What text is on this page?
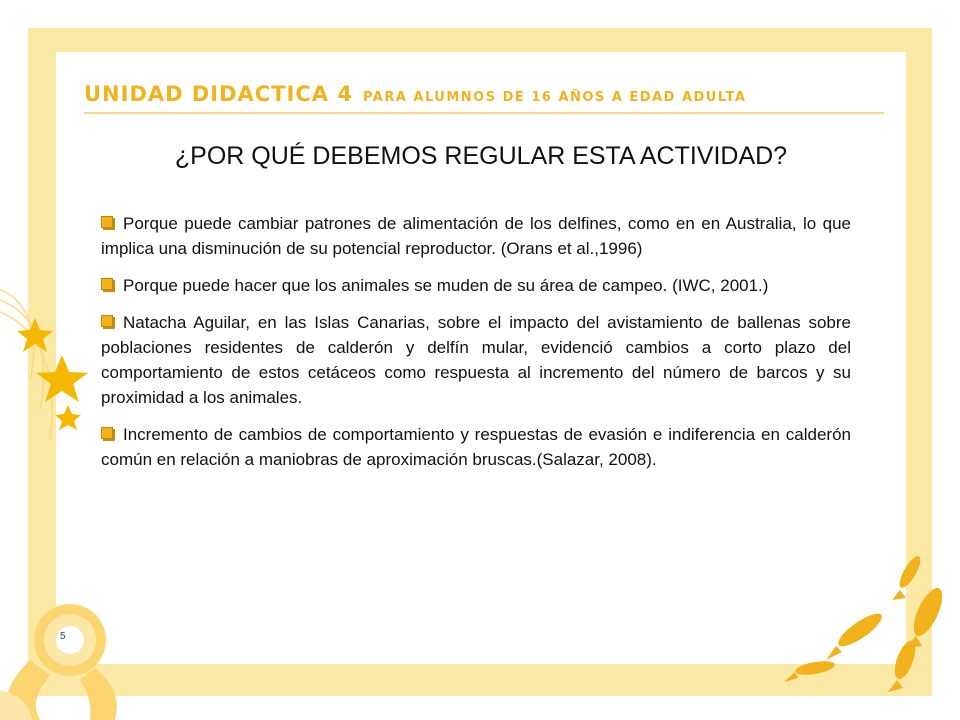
UNIDAD DIDACTICA 4 PARA ALUMNOS DE 16 AÑOS A EDAD ADULTA
¿POR QUÉ DEBEMOS REGULAR ESTA ACTIVIDAD?

Porque puede cambiar patrones de alimentación de los delfines, como en en Australia, lo que implica una disminución de su potencial reproductor. (Orans et al.,1996)

Porque puede hacer que los animales se muden de su área de campeo. (IWC, 2001.)

Natacha Aguilar, en las Islas Canarias, sobre el impacto del avistamiento de ballenas sobre poblaciones residentes de calderón y delfín mular, evidenció cambios a corto plazo del comportamiento de estos cetáceos como respuesta al incremento del número de barcos y su proximidad a los animales.

Incremento de cambios de comportamiento y respuestas de evasión e indiferencia en calderón común en relación a maniobras de aproximación bruscas.(Salazar, 2008).

5
